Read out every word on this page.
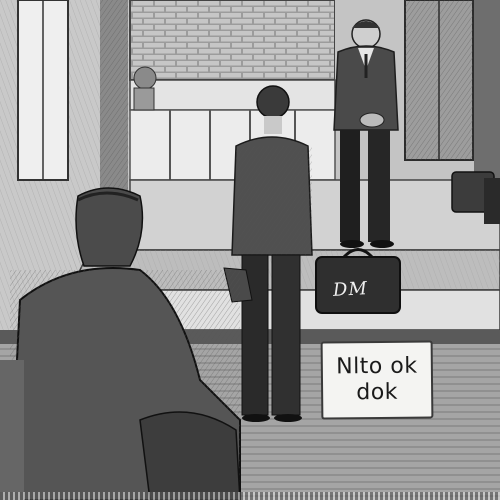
DM
Nlto ok
dok
